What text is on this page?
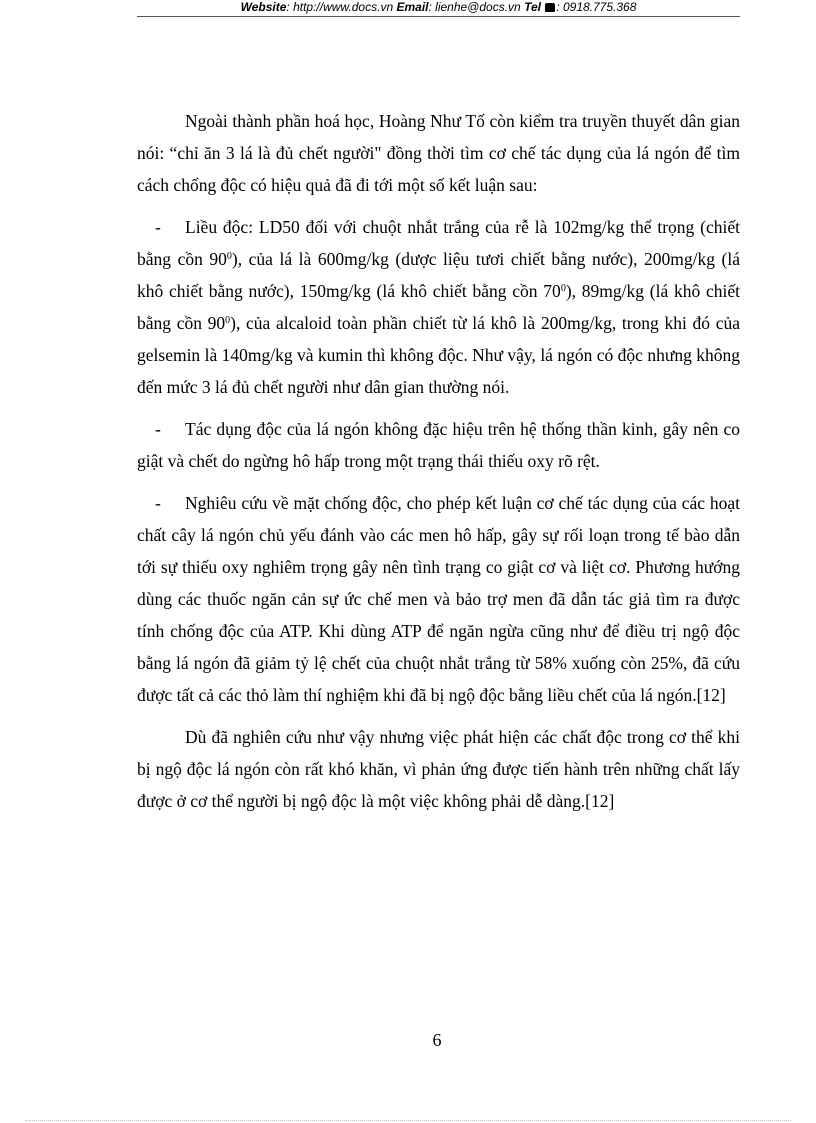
Website: http://www.docs.vn Email: lienhe@docs.vn Tel : 0918.775.368

Ngoài thành phần hoá học, Hoàng Như Tố còn kiểm tra truyền thuyết dân gian nói: “chỉ ăn 3 lá là đủ chết người" đồng thời tìm cơ chế tác dụng của lá ngón để tìm cách chống độc có hiệu quả đã đi tới một số kết luận sau:

- Liều độc: LD50 đối với chuột nhắt trắng của rễ là 102mg/kg thể trọng (chiết bằng cồn $90^0$), của lá là 600mg/kg (dược liệu tươi chiết bằng nước), 200mg/kg (lá khô chiết bằng nước), 150mg/kg (lá khô chiết bằng cồn $70^0$), 89mg/kg (lá khô chiết bằng cồn $90^0$), của alcaloid toàn phần chiết từ lá khô là 200mg/kg, trong khi đó của gelsemin là 140mg/kg và kumin thì không độc. Như vậy, lá ngón có độc nhưng không đến mức 3 lá đủ chết người như dân gian thường nói.

- Tác dụng độc của lá ngón không đặc hiệu trên hệ thống thần kinh, gây nên co giật và chết do ngừng hô hấp trong một trạng thái thiếu oxy rõ rệt.

- Nghiêu cứu về mặt chống độc, cho phép kết luận cơ chế tác dụng của các hoạt chất cây lá ngón chủ yếu đánh vào các men hô hấp, gây sự rối loạn trong tế bào dẫn tới sự thiếu oxy nghiêm trọng gây nên tình trạng co giật cơ và liệt cơ. Phương hướng dùng các thuốc ngăn cản sự ức chế men và bảo trợ men đã dẫn tác giả tìm ra được tính chống độc của ATP. Khi dùng ATP để ngăn ngừa cũng như để điều trị ngộ độc bằng lá ngón đã giảm tỷ lệ chết của chuột nhắt trắng từ 58% xuống còn 25%, đã cứu được tất cả các thỏ làm thí nghiệm khi đã bị ngộ độc bằng liều chết của lá ngón.[12]

Dù đã nghiên cứu như vậy nhưng việc phát hiện các chất độc trong cơ thể khi bị ngộ độc lá ngón còn rất khó khăn, vì phản ứng được tiến hành trên những chất lấy được ở cơ thể người bị ngộ độc là một việc không phải dễ dàng.[12]

6
